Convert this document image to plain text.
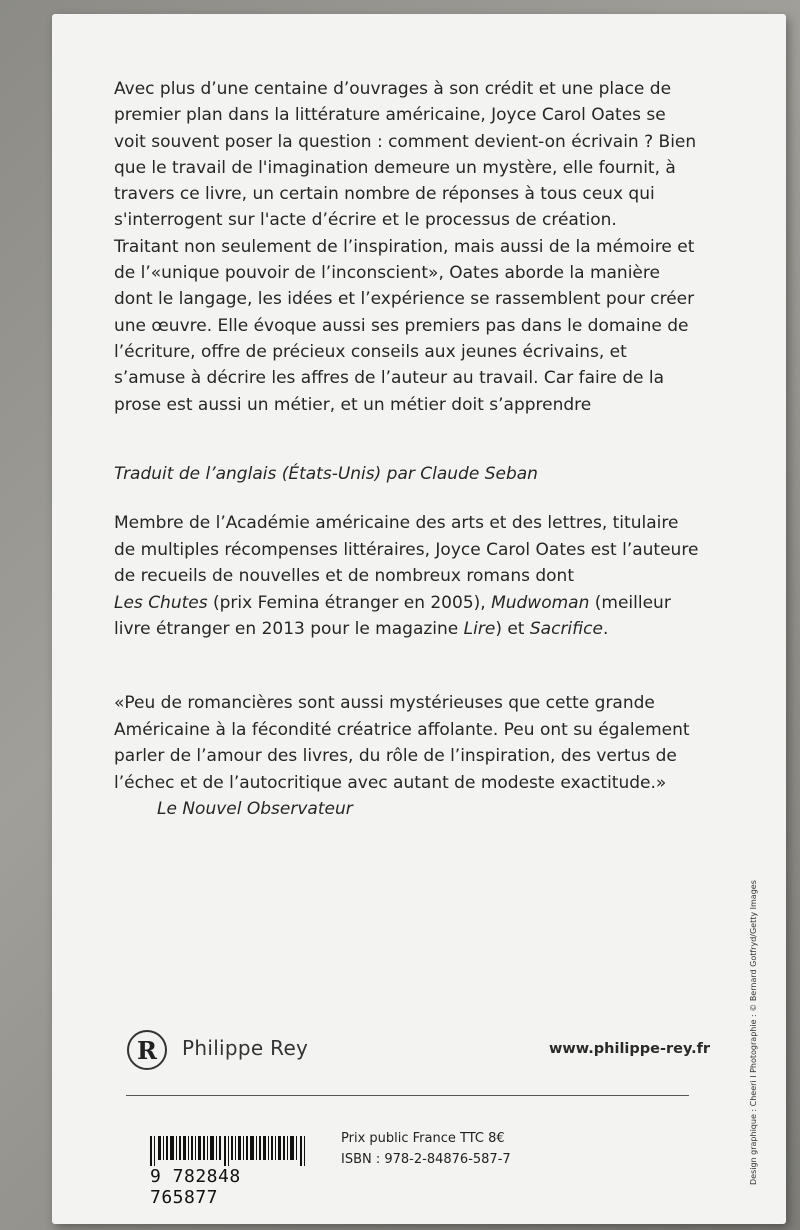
Avec plus d’une centaine d’ouvrages à son crédit et une place de premier plan dans la littérature américaine, Joyce Carol Oates se voit souvent poser la question : comment devient-on écrivain ? Bien que le travail de l'imagination demeure un mystère, elle fournit, à travers ce livre, un certain nombre de réponses à tous ceux qui s'interrogent sur l'acte d’écrire et le processus de création.

Traitant non seulement de l’inspiration, mais aussi de la mémoire et de l’«unique pouvoir de l’inconscient», Oates aborde la manière dont le langage, les idées et l’expérience se rassemblent pour créer une œuvre. Elle évoque aussi ses premiers pas dans le domaine de l’écriture, offre de précieux conseils aux jeunes écrivains, et s’amuse à décrire les affres de l’auteur au travail. Car faire de la prose est aussi un métier, et un métier doit s’apprendre

Traduit de l’anglais (États-Unis) par Claude Seban

Membre de l’Académie américaine des arts et des lettres, titulaire de multiples récompenses littéraires, Joyce Carol Oates est l’auteure de recueils de nouvelles et de nombreux romans dont
Les Chutes (prix Femina étranger en 2005), Mudwoman (meilleur livre étranger en 2013 pour le magazine Lire) et Sacrifice.

«Peu de romancières sont aussi mystérieuses que cette grande Américaine à la fécondité créatrice affolante. Peu ont su également parler de l’amour des livres, du rôle de l’inspiration, des vertus de l’échec et de l’autocritique avec autant de modeste exactitude.»

Le Nouvel Observateur

R Philippe Rey	www.philippe-rey.fr
9 782848 765877
Prix public France TTC 8€
ISBN : 978-2-84876-587-7	Design graphique : Cheeri I Photographie : © Bernard Gotfryd/Getty Images
